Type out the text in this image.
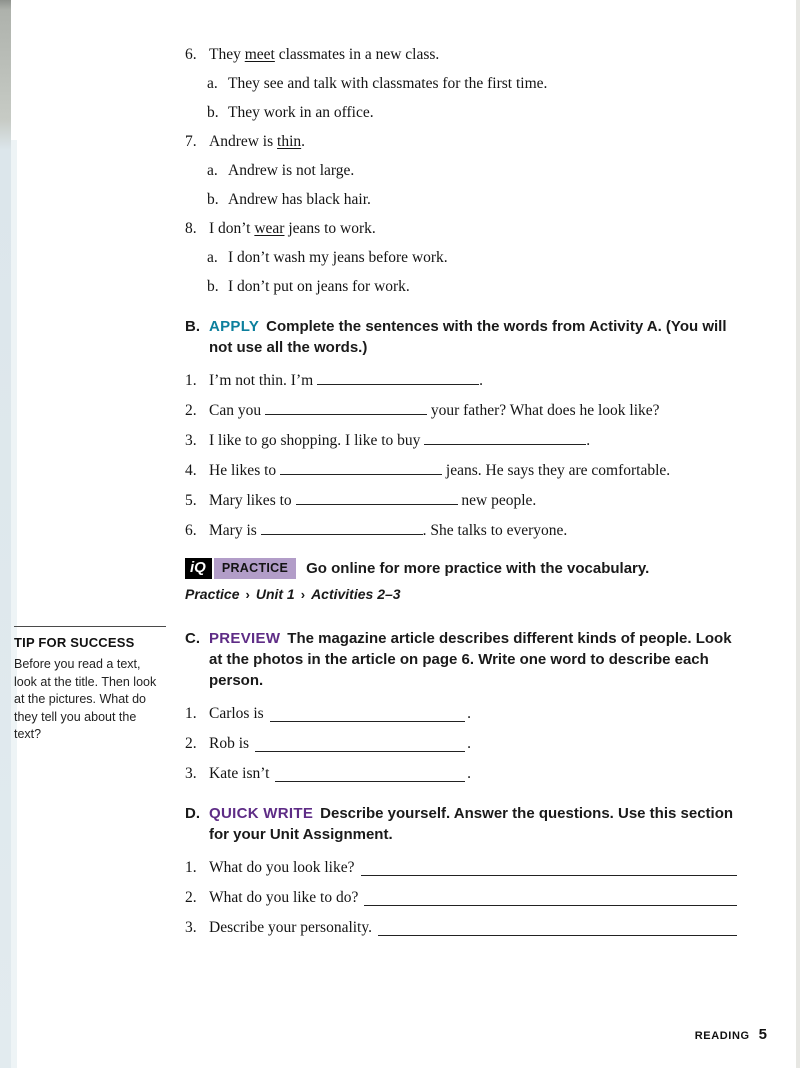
TIP FOR SUCCESS

Before you read a text, look at the title. Then look at the pictures. What do they tell you about the text?

6. They meet classmates in a new class.
a. They see and talk with classmates for the first time.
b. They work in an office.
7. Andrew is thin.
a. Andrew is not large.
b. Andrew has black hair.
8. I don’t wear jeans to work.
a. I don’t wash my jeans before work.
b. I don’t put on jeans for work.
B. APPLY Complete the sentences with the words from Activity A. (You will not use all the words.)
1. I’m not thin. I’m	.
2. Can you	your father? What does he look like?
3. I like to go shopping. I like to buy	.
4. He likes to	jeans. He says they are comfortable.
5. Mary likes to	new people.
6. Mary is	. She talks to everyone.
iQ	PRACTICE	Go online for more practice with the vocabulary.
Practice › Unit 1 › Activities 2–3
C. PREVIEW The magazine article describes different kinds of people. Look at the photos in the article on page 6. Write one word to describe each person.
1. Carlos is	.
2. Rob is	.
3. Kate isn’t	.
D. QUICK WRITE Describe yourself. Answer the questions. Use this section for your Unit Assignment.
1. What do you look like?
2. What do you like to do?
3. Describe your personality.
READING 5
